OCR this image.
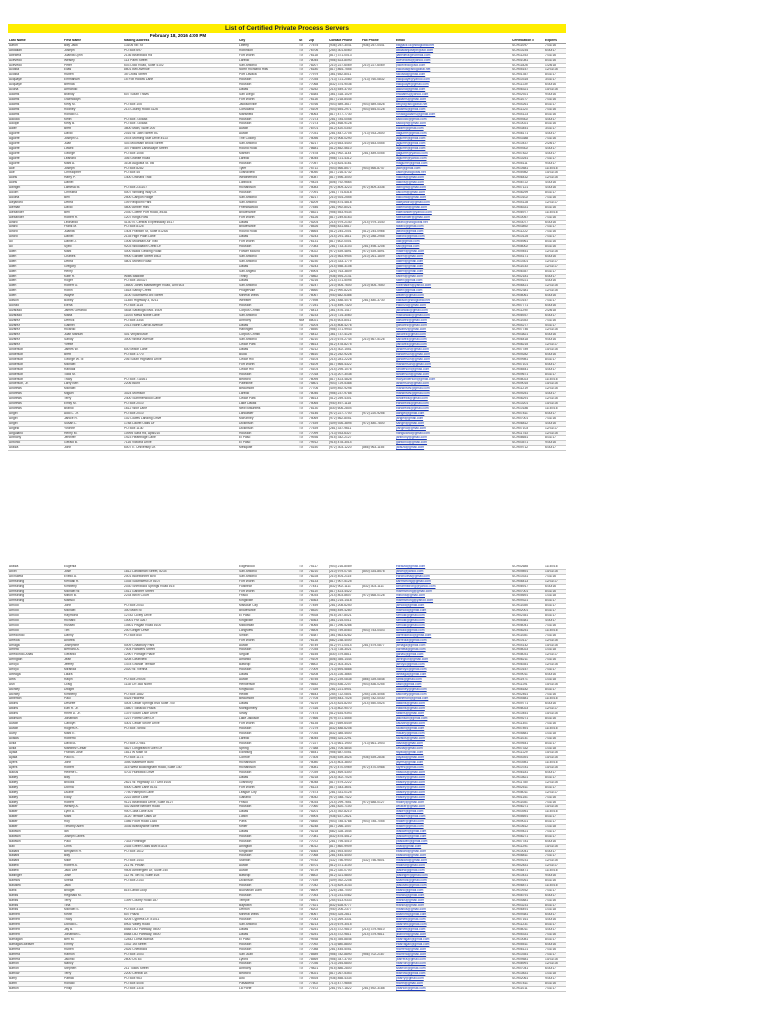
List of Certified Private Process Servers
February 18, 2016 4:00 PM
Last Name	First Name	Mailing Address	City	St	Zip	Contact Phone	Fax Phone	Email	Certification #	Expires
Aaron	Billy Jack	13106 NE St	Liberty	TX	77575	(936) 257-3041	(936) 257-0441	billyjack78@sbcglobal.net	SCH11097	7/31/16
Abdallah	Joseph	PO Box 697	Robinson	TX	76706	(254) 301-6060		abdallahjoseph@aol.com	SCH10234	6/30/17
Abellera	Juanita Lynn	2136 Briarwood Rd	Fort Worth	TX	76118	(817) 371-0013		jlabellera@hotmail.com	SCH11253	7/31/16
Acevedo	Wesley	113 Palm Street	Laredo	TX	78045	(956) 523-8090		acevedow@yahoo.com	SCH01081	8/31/16
Acevedo	Peter	603 Dolo Road, Suite 4102	San Antonio	TX	78207	(210) 227-6069	(210) 227-6069	pacevedo@aol.com	SCH11826	1/28/18
Acosta	Elias	8601 Bell Avenue	North Richland Hills	TX	76180	(817) 864-7555		eacosta@sbcglobal.net	SCH05157	12/31/16
Acosta	Ruben	35 Cross Street	Port Lavaca	TX	77979	(361) 652-8011		racosta@gmail.com	SCH01357	8/31/17
Acquaye	Emmanuel	15 Fox Hollow Lane	Houston	TX	77035	(713) 721-2080	(713) 760-0832	eacquaye@yahoo.com	SCH10315	3/31/17
Acquaye	Brenda		Houston	TX	77068	(832) 374-9036		bacquaye@gmail.com	SCH11139	6/30/16
Acuna	Armando		Dallas	TX	75252	(214) 549-3700		aacuna@gmail.com	SCH06321	10/31/16
Adams	Brandy	607 South Travis	San Diego	TX	78384	(361) 318-1029		bradams@yahoo.com	SCH02921	9/30/16
Adams	Gwendolyn		Fort Worth	TX	76116	(817) 218-8445		gadams@gmail.com	SCH11077	7/31/16
Adams	Kelly M.	PO Box 105	Jacksonville	TX	75766	(903) 589-3617	(903) 589-0828	kellyd@sbcglobal.net	SCH04261	8/31/17
Adams	Rodney	213 County Road 3126	Corsicana	TX	75109	(903) 654-2971	(903) 654-0128	radams@gmail.com	SCH11123	7/31/16
Adams	Ronald G.		Mansfield	TX	76063	(817) 477-7730		ronaldgadams@gmail.com	SCH04123	8/31/16
Adcock	Keith	PO Box 730688	Houston	TX	77273	(281) 784-0058		kadcock@gmail.com	SCH09302	4/30/17
Adolph	Kelly B.	PO Box 730688	Houston	TX	77273	(281) 468-9128		kadolph@gmail.com	SCH10021	8/31/16
Adler	Brett	3600 Main, Suite 200	Austin	TX	78701	(512) 420-0340		badler@gmail.com	SCH03451	3/31/17
Aguirre	David	2016 W. 38th Street #C	Austin	TX	77031	(281) 847-2705	(713) 933-2600	daguirre@gmail.com	SCH08171	4/30/17
Aguirre	Joseph G.	2578 Morning Star Drive #113	The Colony	TX	75056	(972) 908-0290		jaguirre@gmail.com	SCH03388	7/31/16
Aguirre	Juan	403 Mountain Brook Street	San Antonio	TX	78217	(210) 653-4400	(210) 653-0555	jaguirre@gmail.com	SCH10437	2/28/17
Aguirre	Lowell	307 Hidden Landscape Street	Round Rock	TX	78681	(512) 852-5610		laguirre@gmail.com	SCH09302	4/30/17
Aguirre	George	PO Box 1055	Manvel	TX	77578	(281) 992-1144	(281) 489-0055	gaguirre@yahoo.com	SCH07822	4/30/17
Aguirre	Leandro	306 Granite Road	Laredo	TX	78045	(956) 721-4312		laguirre@yahoo.com	SCH10251	7/31/17
Aguirre	Mark A.	3108 Augusta St. #B	Houston	TX	77057	(713) 824-4161		maguirre@gmail.com	SCH05111	9/30/17
Ake	Joseph	PO Box 8282	Tyler	TX	75711	(903) 566-8577	(903) 566-8747	jake@gmail.com	SCH10581	11/30/16
Ake	Christopher	PO Box 45	Grandview	TX	76050	(817) 216-4732		cake@sbcglobal.net	SCH05982	10/31/16
Akins	Harry P.	1400 Orchard Trail	Weatherford	TX	76087	(817) 596-3000		hakins@gmail.com	SCH06432	12/31/16
Akins	Daniel		Lubbock	TX	79424	(806) 792-9664		dakins@gmail.com	SCH08722	4/30/16
Albright	Lamesa M.	PO Box 231107	Richardson	TX	75083	(972) 809-3223	(972) 809-3336	lalbright@gmail.com	SCH07121	4/30/16
Alcorn	Christina	5007 Winding Way Dr.	Houston	TX	77091	(281) 774-6318		calcorn@gmail.com	SCH08299	8/31/17
Alcorta	Ben	2500 Canyon Ridge	San Antonio	TX	78217	(210) 924-2555		balcorta@gmail.com	SCH10102	7/31/16
Alejandro	Debra	109 Redpoint Park	San Antonio	TX	78209	(956) 874-4818		dalejandro@gmail.com	SCH04128	12/31/17
Aleman	David	4600 Amber Hills	Friendswood	TX	77546	(281) 992-8021		daleman@gmail.com	SCH08331	8/31/16
Alexander	Ben	2030 Coffee Port Road, #53A	Brownsville	TX	78521	(956) 553-9434		balexander@yahoo.com	SCH06977	11/30/16
Alexander	Robert R.	1207 Kings Row	Fort Worth	TX	76126	(817) 249-6163		ralexander@gmail.com	SCH10057	7/31/16
Alfaro	Leonardo	4130 N. Central Expressway #317	Dallas	TX	75204	(214) 979-2140	(214) 979-1440	lalfaro@sbcglobal.net	SCH03077	6/30/16
Alfaro	Frank M.	PO Box 8125	Brownsville	TX	78526	(956) 831-6617		falfaro@gmail.com	SCH03892	7/31/17
Alford	Juanita	1404 Franklin St, Suite #125A	Round Rock	TX	78664	(512) 244-2001	(512) 244-0966	jalford@gmail.com	SCH11222	7/31/16
Alford	Daniel	2135 High Plain Lane	Dallas	TX	75243	(214) 291-1611	(972) 288-2955	dalford@gmail.com	SCH10125	7/31/17
Ali	Daniel J.	1006 Mountain Air Trail	Fort Worth	TX	76131	(817) 602-0001		dali@gmail.com	SCH05961	8/31/16
Ali	Syed	9203 Woodlawn Crest Dr	Houston	TX	77083	(281) 733-3103	(281) 498-1208	sali@gmail.com	SCH08002	8/31/16
Allen	Mark	4000 Black Gelding Road	Flower Mound	TX	75022	(972) 539-4891	(972) 539-4891	mallen@gmail.com	SCH09451	12/31/16
Allen	Charles	9900 Garden Street #402	San Antonio	TX	78245	(210) 563-9904	(210) 261-1809	callen@gmail.com	SCH04171	6/30/16
Allen	Debra	4801 Mcneill Road	San Antonio	TX	78230	(210) 333-1779		dallen@gmail.com	SCH10301	12/31/17
Allen	Gregory		Dallas	TX	75243	(214) 558-3108		gallen@gmail.com	SCH11033	12/31/17
Allen	Henry		San Angelo	TX	76904	(325) 763-3809		hallen@gmail.com	SCH06357	8/31/17
Allen	Kate R.	Willis Baldwin	Trinity	TX	75862	(936) 594-2141		kallen@gmail.com	SCH02181	6/30/17
Allen	Roger	PO Box 160327	Dallas	TX	75216	(214) 371-5095		rallen@gmail.com	SCH09221	4/30/16
Allen	Robert G.	16600 Jones Maltsberger Road, Unit 603	San Antonio	TX	78247	(210) 505-7600	(210) 505-7650	robertallen@yahoo.com	SCH08421	12/31/16
Allen	Robin	1818 Sandy Creek	Pflugerville	TX	78660	(512) 990-8224		rallen@gmail.com	SCH02381	12/31/16
Allen	Wayne	3100 Southwest 3rd Street	Mineral Wells	TX	76067	(940) 682-6386		wallen@gmail.com	SCH08061	6/30/16
Allison	Bobby	11380 Highway 3, #211	Webster	TX	77598	(281) 488-4076	(281) 480-3730	ballison@sbcglobal.net	SCH10157	7/31/17
Alonzo	Elena	PO Box 1115	Houston	TX	77251	(713) 459-7320		ealonzo@gmail.com	SCH07771	6/30/16
Alvarado	James Gerardo	4638 Saratoga Blvd. #309	Corpus Christi	TX	78413	(361) 876-1417		jalvarado@gmail.com	SCH11290	2/28/18
Alvarado	Maria	11000 Mesa Noble Lane	San Antonio	TX	78233	(210) 724-3060		malvarado@gmail.com	SCH06937	6/30/17
Alvarez	Derrick	PO Box 3344	Anthony	NM	88021	(915) 603-8011		dalvarez@gmail.com	SCH11083	7/31/16
Alvarez	Gabriel	2013 North Carroll Avenue	Dallas	TX	75204	(214) 808-4276		galvarez@gmail.com	SCH04277	5/31/17
Alvarez	Ricardo		Harlingen	TX	78550	(956) 371-9943		ralvarez@gmail.com	SCH07746	12/31/16
Alvarez	Juan Manuel	401 Vinyard Ave	Corpus Christi	TX	78412	(361) 737-4125		jalvarez@gmail.com	SCH03821	6/30/16
Alvarez	Sandy	3000 Wilbur Avenue	San Antonio	TX	78210	(210) 675-2744	(210) 567-5126	salvarez@gmail.com	SCH06418	9/30/16
Alvarez	Yvette		Cedar Park	TX	78613	(512) 478-8275		yalvarez@gmail.com	SCH08215	12/31/17
Anderson	James W.	600 Milton Lane	Dallas	TX	75212	(214) 302-1551		janderson@gmail.com	SCH07789	10/31/16
Anderson	Brett	PO Box 1770	Buda	TX	78610	(512) 252-9228		banderson@gmail.com	SCH09282	6/30/16
Anderson	George W. III	206 South Highland Drive	Cedar Hill	TX	75104	(214) 281-2228		ganderson@gmail.com	SCH09981	8/31/17
Anderson	Michael		Fort Worth	TX	76109	(817) 565-4322		manderson@gmail.com	SCH07101	6/30/17
Anderson	Randall		Cedar Hill	TX	75104	(214) 295-1076		randerson@gmail.com	SCH08541	4/30/17
Anderson	Todd M.		Houston	TX	77018	(713) 207-3038		tanderson@gmail.com	SCH09671	8/31/17
Anderson	Tracy	PO Box 711661	Bedford	TX	76095	(817) 423-4828		tracyanderson@gmail.com	SCH08023	11/30/16
Anderson, Jr.	Larry Ben	2206 Blunt	Palestine	TX	75801	(903) 729-5388		landerson@gmail.com	SCH09015	10/31/16
Andrews	Michael		Beaumont	TX	77706	(409) 892-9298		mandrews@gmail.com	SCH11219	12/31/16
Andrews	Miguel	3024 Morrison	Laredo	TX	78046	(956) 237-9788		mandrews@gmail.com	SCH09251	4/30/17
Andrews	Terry	2400 Summerwood Lane	Cedar Park	TX	78613	(512) 259-4301		tandrews@gmail.com	SCH08291	12/31/16
Andrews	Emily M.	PO Box 2010	Lake Dallas	TX	75065	(940) 497-1118		eandrews@gmail.com	SCH10201	10/31/16
Andrews	Brandi	1612 Wolf Lane	New Braunfels	TX	78130	(830) 606-2804		bandrews@gmail.com	SCH10186	11/30/16
Angel	Aldo L. Jr.	PO Box 2010	Lancaster	TX	75146	(972) 227-7700	(972) 220-9256	aangel@gmail.com	SCH07811	6/30/17
Angel	Janice R.	102 Lowes Landing Drive	McKinney	TX	75069	(972) 562-8051		jangel@gmail.com	SCH07001	7/31/16
Angel	Susan L.	1788 Laurel Oaks Dr	Dickinson	TX	77539	(409) 926-3895	(972) 480-7800	sangel@gmail.com	SCH06812	4/30/16
Angelo	Yvonne	PO Box 1130	Dickinson	TX	77539	(281) 337-9611		yangelo@gmail.com	SCH07103	12/31/17
Anguiano	Henry M.	10995 Sara Rd, Apt#210	Houston	TX	77099	(713) 933-6327		hanguiano@gmail.com	SCH11743	12/31/16
Anthony	Jennifer	1923 Heartridge Lane	El Paso	TX	79936	(915) 342-2127		janthony@gmail.com	SCH08651	8/31/17
Antonio	Gerald B.	7116 Victoria Drive	El Paso	TX	79912	(915) 478-3014		gantonio@gmail.com	SCH03571	9/30/16
Araiza	John	6007 E. University Dr.	Mesquite	TX	75150	(972) 303-1220	(866) 963-1155	jaraiza@gmail.com	SCH09712	6/30/17
Araiza	Eugenia		Edgewood	TX	75117	(903) 216-8089		earaiza@gmail.com	SCH02685	11/30/16
Arcel	Jose	1812 Landsman Street, #234	San Antonio	TX	78210	(210) 979-0744	(800) 334-8578	jarcel@yahoo.com	SCH09891	10/31/16
Archuleta	Evelio A.	2001 Bluebonnet Bvd	San Antonio	TX	78228	(210) 404-2115		earchuleta@gmail.com	SCH10331	7/31/16
Armstrong	Kendall R.	1035 Southwest Dr #107	Fort Worth	TX	76133	(817) 907-5125		karmstrong@gmail.com	SCH08413	12/31/17
Armstrong	Kimberly	2030 Sherwood Springs Road #15	Fulshear	TX	77441	(832) 902-1111	(832) 303-1111	kimarmstrong@yahoo.com	SCH06917	6/30/16
Armstrong	Michael W.	1511 Gardner Street	Fort Worth	TX	76110	(817) 423-4422		marmstrong@gmail.com	SCH07001	8/31/16
Armstrong	Milton B.	2234 Birch Court	Frisco	TX	75034	(214) 803-8607	(972) 668-0128	miltona@gmail.com	SCH05691	1/31/18
Armstrong	Marisol		Kingsville	TX	78363	(361) 215-1418		marmstrong@yahoo.com	SCH09321	8/31/17
Arnold	John	PO Box 2043	Missouri City	TX	77459	(281) 208-6250		jarnold@gmail.com	SCH11085	8/31/17
Arnold	Michael	300 Main St	Brownsville	TX	78520	(956) 459-4280		marnold@gmail.com	SCH02001	8/31/17
Arnold	Raymond	12782 Cicely Drive	El Paso	TX	79928	(915) 257-8021		rarnold@gmail.com	SCH02351	8/31/17
Arnold	Richard	10001 FM 3267	Kingsville	TX	78363	(361) 215-0011		rarnold@gmail.com	SCH05381	4/30/17
Arnold	Russell	10501 Pisgah Road #100	Midlothian	TX	76065	(817) 296-5286		rarnold@gmail.com	SCH06041	7/31/16
Arnold	Tim	200 Geiger Drive	Longview	TX	75605	(903) 759-8083	(903) 753-0403	tarnold@gmail.com	SCH08251	11/30/16
Arredondo	Danny	PO Box 840	Sinton	TX	78387	(361) 563-6282		darredondo@gmail.com	SCH11081	7/31/16
Arreola	Andrea		Fort Worth	TX	76116	(682) 238-4000		aarreola@gmail.com	SCH10117	12/31/16
Arriaga	Josephine	5009 Chadbury Park	Austin	TX	78749	(512) 971-0014	(281) 579-0877	jarriaga@gmail.com	SCH04142	10/31/16
Arrieta	Bernard A.	7004 Flanders Street	Houston	TX	77035	(713) 728-3021		barrieta@gmail.com	SCH08023	1/31/18
Arredondo-Arias	Gerardo	12907 Portage Place	Seguin	TX	78155	(830) 379-8811		garias@gmail.com	SCH08031	12/31/17
Arrington	Jean	4208 Clearview	Amarillo	TX	79109	(806) 355-1444		jarrington@gmail.com	SCH06211	7/31/16
Arroyo	Jeffrey	1478 Grande Terrace	Bastrop	TX	78602	(512) 303-3021		jarroyo@gmail.com	SCH06351	12/31/16
Arroyo	Miranda	2020 W. Vienna	Houston	TX	77009	(713) 694-5888		marroyo@gmail.com	SCH10157	7/31/17
Arteaga	Laura		Dallas	TX	75208	(214) 226-3864		larteaga@gmail.com	SCH09011	6/30/16
Artis	Ralph	PO Box 29005	Austin	TX	78755	(512) 239-0838	(866) 339-0848	rartis@gmail.com	SCH11971	1/31/18
Ash	Craig	1118 CR 368 North	Henderson	TX	75652	(903) 836-2207	(903) 836-0255	cash@gmail.com	SCH11191	10/31/16
Atchley	Dwight		Kingwood	TX	77339	(281) 221-5901		datchley@gmail.com	SCH08182	8/31/17
Atchley	Kimberly	PO Box 1882	Hewitt	TX	76643	(254) 722-0801	(254) 226-4058	katchley@gmail.com	SCH02461	7/31/16
Atherton	Paul	5425 Hillcrest	Beaumont	TX	77705	(409) 843-7025	(409) 782-0030	patherton@gmail.com	SCH04581	11/30/16
Atkins	Desiree	4004 Cedar Springs Bvd Suite 700	Dallas	TX	75219	(214) 824-8200	(214) 550-0524	datkins@gmail.com	SCH09771	6/30/16
Atkins	Earl R. Jr.	15807 Tobacco Plaza	Montgomery	TX	77316	(713) 802-9070		eatkins@gmail.com	SCH06023	12/31/17
Atkins	Rhett D. Jr.	1379 South Lake Drive	Sealy	TX	77474	(512) 634-9393		ratkins@gmail.com	SCH10451	10/31/16
Atkinson	Jonathan	1227 Forest Glen Dr	Lake Jackson	TX	77566	(979) 371-4555		jatkinson@gmail.com	SCH09271	8/31/16
Austin	Carolyn	4301 Cedar Shore Drive	Fort Worth	TX	76135	(817) 659-6449		caustin@gmail.com	SCH11301	7/31/16
Austin	Rogers K.	PO Box 78946	Houston	TX	77279	(832) 488-6208		raustin@gmail.com	SCH07891	11/30/16
Autry	Mark E.		Houston	TX	77034	(832) 385-4500		mautry@gmail.com	SCH05881	1/31/18
Avalos	Roberto		Laredo	TX	78045	(956) 324-2291		ravalos@gmail.com	SCH11031	7/31/16
Avila	David A.	PO Box 27561	Houston	TX	77227	(713) 661-1900	(713) 661-1903	davila@gmail.com	SCH09541	8/31/17
Avila	Martinez Cesar	4827 Longbranch Glen Dr	Spring	TX	77388	(281) 705-4844		cavila@gmail.com	SCH07332	1/31/18
Ayala	Francis Jose	1811 W Main St	Edinburg	TX	78541	(956) 687-0051		fayala@gmail.com	SCH11129	10/31/16
Ayala	Paul B.	PO Box 1173	Conroe	TX	77305	(936) 539-3524	(936) 539-2836	payala@gmail.com	SCH04391	10/31/16
Ayers	John	3050 Baltimore Blvd	Richardson	TX	75080	(214) 803-3800		jayers@gmail.com	SCH03981	11/30/16
Ayers	Robert	315 West Buckingham Road, Suite 140	Richardson	TX	75081	(972) 470-0969	(972) 470-0988	rayers@gmail.com	SCH10781	10/31/16
Bacus	Helene L.	4702 Huntwick Drive	Houston	TX	77039	(281) 469-4300		hbacus@gmail.com	SCH06181	6/30/17
Bailey	Billy		Dallas	TX	75218	(214) 302-7024		bbailey@gmail.com	SCH10821	8/31/17
Bailey	Brooks	2621 W. Highway 377 Unit #106	Granbury	TX	76048	(817) 579-2222		bbailey@gmail.com	SCH11780	12/31/16
Bailey	Donna	5400 Caleb Lane #141	Fort Worth	TX	76123	(817) 343-3601		dbailey@gmail.com	SCH02511	8/31/17
Bailey	Duane	7750 Hampton Lane	League City	TX	77573	(281) 331-0125		dbailey@gmail.com	SCH08011	12/31/17
Bailey	Eddy	2222 Arbor Lane	Garland	TX	75042	(972) 348-7422		ebailey@gmail.com	SCH01151	7/31/16
Bailey	Robert	9121 Briarwood Drive, Suite #127	Frisco	TX	75034	(214) 299-7651	(972) 688-0127	rbailey@gmail.com	SCH11081	7/31/16
Baker	Wesley A.	402 Aldine Bender Road	Houston	TX	77060	(281) 820-7100		wbaker@gmail.com	SCH06271	10/31/16
Baker	Lynn A.	900 Cuba Lane #26	Dallas	TX	75201	(214) 392-8210		lbaker@gmail.com	SCH03951	11/30/16
Baker	Mark	3120 Terrace Oaks Dr	Lufkin	TX	75904	(936) 637-2621		mbaker@gmail.com	SCH05691	8/31/17
Baker	Roy	1086 Fourt Road 1385	Paris	TX	75460	(903) 785-4788	(903) 785-7055	rbaker@gmail.com	SCH09021	8/31/17
Baker	Timothy Allen	3036 Brandywine Street	Keller	TX	76248	(817) 266-1007		tbaker@gmail.com	SCH10612	1/31/18
Baldwin	Ian		Dallas	TX	75218	(682) 328-1544		ibaldwin@gmail.com	SCH09421	7/31/17
Baldwin	Joseph Lanes		Houston	TX	77081	(832) 875-4512		jbaldwin@gmail.com	SCH08271	8/31/17
Baldwin	Paul	7333 Flintridge	Houston	TX	77072	(281) 795-4010		pbaldwin@gmail.com	SCH07781	6/30/16
Ball	Chris	2435 Green Oaks Blvd #1103	Arlington	TX	76012	(817) 860-9909		cball@gmail.com	SCH11291	10/31/16
Ballard	Benjamin H.	PO Box 1612	Kingsville	TX	78364	(361) 593-5000		bballard@gmail.com	SCH10041	6/30/17
Ballard	Billy		Houston	TX	77068	(281) 444-4000		bballard@gmail.com	SCH08811	7/31/17
Ballard	Mike	PO Box 1443	Stanton	TX	79782	(432) 756-9900	(432) 756-9801	mballard@gmail.com	SCH09231	12/31/16
Ballew	Robert A.	211 W. Pecan	Austin	TX	78701	(512) 371-3100		rballew@gmail.com	SCH02831	12/31/17
Ballew	Jack Lee	9505 Amberglen Dr, Suite 240	Austin	TX	78729	(512) 330-0700		jballew@gmail.com	SCH08471	11/30/16
Ballinger	Jose	112 W. 4th St, Suite #28	Bastrop	TX	78602	(512) 321-5800		jballinger@gmail.com	SCH10431	9/30/16
Balmos	Sheila	PO Box 2143	Dickinson	TX	77539	(409) 392-2208		sbalmos@gmail.com	SCH09261	8/31/16
Balusek	Jack		Houston	TX	77042	(713) 829-3143		jbalusek@gmail.com	SCH06871	11/30/16
Bank	Bridget	815 Lariat Loop	Buchanan Dam	TX	78609	(325) 248-7000		bbank@gmail.com	SCH10932	7/31/17
Banks	Reginald M.		Houston	TX	77053	(713) 231-0082		rbanks@gmail.com	SCH08791	6/30/17
Banks	Terry	1399 County Road 187	Temple	TX	76501	(254) 613-9333		tbanks@gmail.com	SCH04881	7/31/16
Banks	Tina		Baytown	TX	77521	(832) 628-9777		tbanks@gmail.com	SCH03231	8/31/17
Banks	Michael S.	PO Box 3118	Denton	TX	76202	(940) 206-2377		mbanks@gmail.com	SCH06491	1/31/18
Barnett	Kevin	607 Plaza	Mineral Wells	TX	76067	(940) 325-2811		kbarnett@gmail.com	SCH09381	6/30/17
Barnett	Tracy	5205 Cypress Dr. #1011	Houston	TX	77043	(713) 269-3331		tbarnett@gmail.com	SCH07161	4/30/16
Barnett	Donald L.	8902 Valley Road	San Antonio	TX	78213	(210) 679-3015		dbarnett@gmail.com	SCH11231	8/31/17
Barnett	Jay B.	8588 LBJ Parkway, #600	Dallas	TX	75251	(214) 372-9810	(214) 379-9810	jbarnett@gmail.com	SCH08011	4/30/17
Barnett	Jonathan L.	8588 LBJ Parkway, #600	Dallas	TX	75251	(214) 372-9811	(214) 379-9811	jlbarnett@gmail.com	SCH05331	7/31/16
Barragan	Ben M.	12842 Loma Blanca	El Paso	TX	79938	(915) 355-8846		bbarragan@gmail.com	SCH10081	8/31/17
Barragan-Beaver	Emmy	1032 1st Street	Houston	TX	77092	(713) 680-8800		ebarragan@gmail.com	SCH05511	6/30/16
Barrera	Ruben	2526 Chetwood	Houston	TX	77088	(281) 445-5051		rbarrera@gmail.com	SCH06121	7/31/16
Barrera	Ramon	PO Box 1003	San Juan	TX	78589	(956) 782-8890	(956) 702-2187	rbarrera@gmail.com	SCH10351	7/31/17
Barrera	Jacinto	2600 US 83	Lyford	TX	78569	(956) 347-3700		jbarrera@gmail.com	SCH09581	10/31/16
Barron	Nancy		Houston	TX	77036	(713) 254-6800		nbarron@gmail.com	SCH08991	12/31/16
Barron	Stephen	211 Tullos Street	Anthony	TX	79821	(915) 886-2800		sbarron@gmail.com	SCH07041	6/30/17
Barrow	Terry	2200 Central Dr.	Bedford	TX	76021	(817) 267-5353		tbarrow@gmail.com	SCH10831	1/31/18
Barry	Patrick	PO Box 963	Alto	TX	75925	(936) 858-4334		pbarry@gmail.com	SCH02061	9/30/17
Barth	Ronald	PO Box 4005	Pasadena	TX	77502	(713) 477-9855		rbarth@gmail.com	SCH07811	8/31/16
Barton	Philip	PO Box 1316	La Porte	TX	77572	(281) 917-1822	(281) 592-3188	pbarton@gmail.com	SCH11011	7/31/17
